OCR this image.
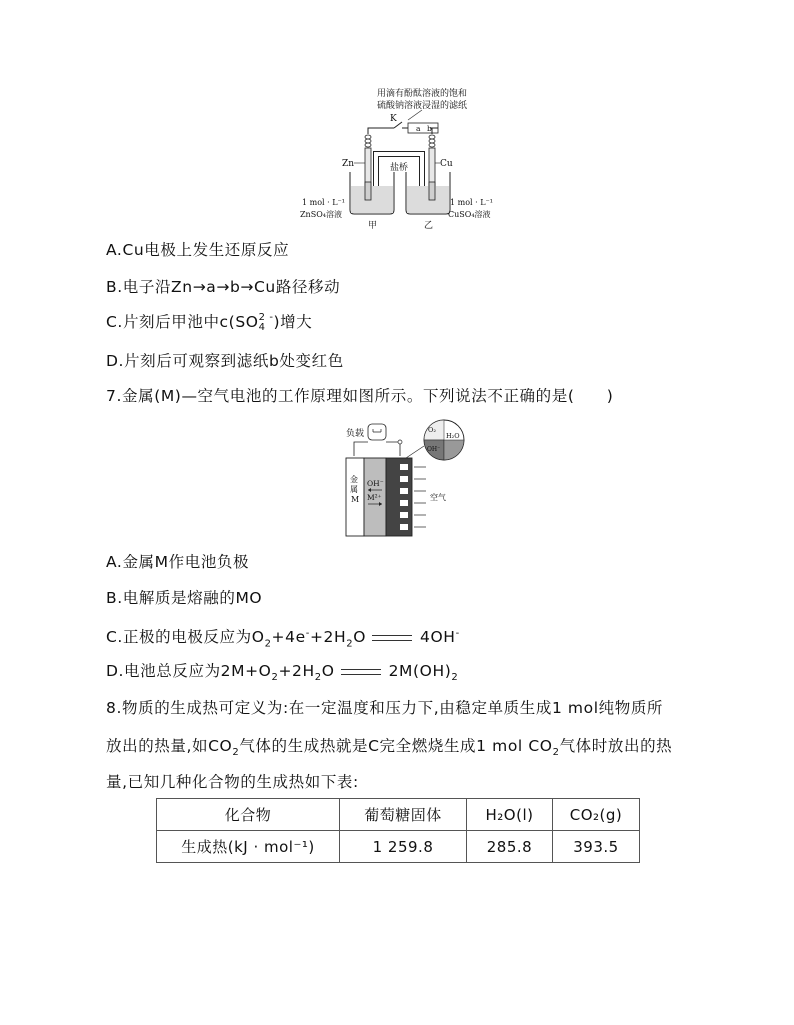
用滴有酚酞溶液的饱和
硫酸钠溶液浸湿的滤纸
K
a b
Zn	Cu
盐桥
1 mol · L⁻¹
ZnSO₄溶液
1 mol · L⁻¹
CuSO₄溶液
甲	乙
A.Cu电极上发生还原反应
B.电子沿Zn→a→b→Cu路径移动
C.片刻后甲池中c(SO 2 -
4 )增大
D.片刻后可观察到滤纸b处变红色
7.金属(M)—空气电池的工作原理如图所示。下列说法不正确的是(　　)
负载
金
属
M
OH⁻
M²⁺	空气
O₂
OH⁻
H₂O
A.金属M作电池负极
B.电解质是熔融的MO
C.正极的电极反应为$O_2+4e^-+2H_2O$	4OH-
D.电池总反应为$2M+O_2+2H_2O$	$2M(OH)_2$
8.物质的生成热可定义为:在一定温度和压力下,由稳定单质生成1 mol纯物质所
放出的热量,如$CO_2$气体的生成热就是C完全燃烧生成1 mol $CO_2$气体时放出的热
量,已知几种化合物的生成热如下表:
化合物	葡萄糖固体	H₂O(l)	CO₂(g)
生成热(kJ · mol⁻¹)	1 259.8	285.8	393.5
